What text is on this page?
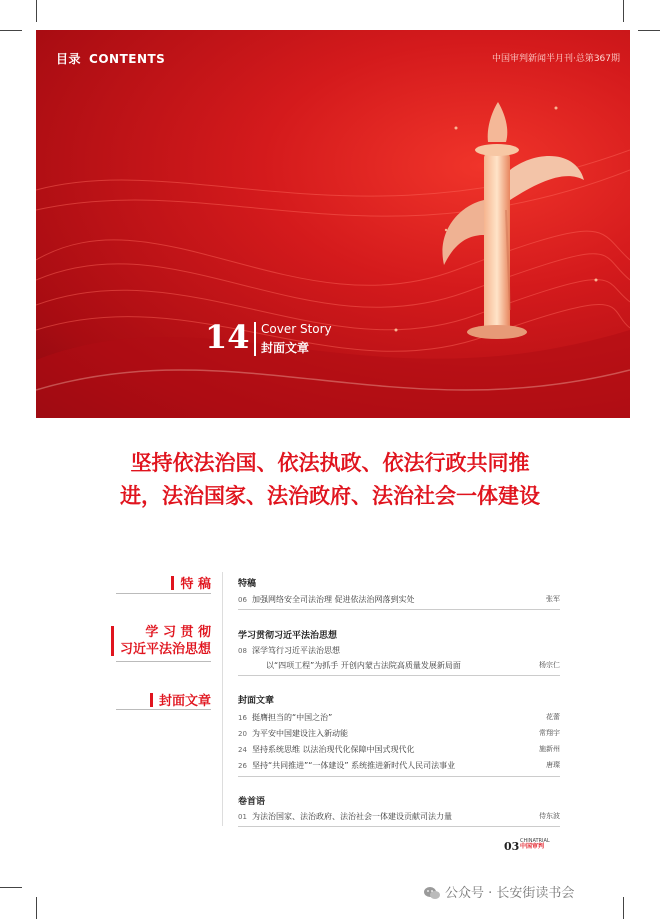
目录 CONTENTS	中国审判新闻半月刊·总第367期
14 Cover Story
封面文章
坚持依法治国、依法执政、依法行政共同推
进，法治国家、法治政府、法治社会一体建设
特 稿
学 习 贯 彻
习近平法治思想
封面文章
特稿
06 加强网络安全司法治理 促进依法治网落到实处	张军
学习贯彻习近平法治思想
08 深学笃行习近平法治思想
以“四项工程”为抓手 开创内蒙古法院高质量发展新局面	杨宗仁
封面文章
16 挺膺担当的“中国之治”	花蕾
20 为平安中国建设注入新动能	常翔宇
24 坚持系统思维 以法治现代化保障中国式现代化	施新州
26 坚持“共同推进”“一体建设” 系统推进新时代人民司法事业	唐璨
卷首语
01 为法治国家、法治政府、法治社会一体建设贡献司法力量	侍东波
03 CHINATRIAL
中国审判
公众号 · 长安街读书会
